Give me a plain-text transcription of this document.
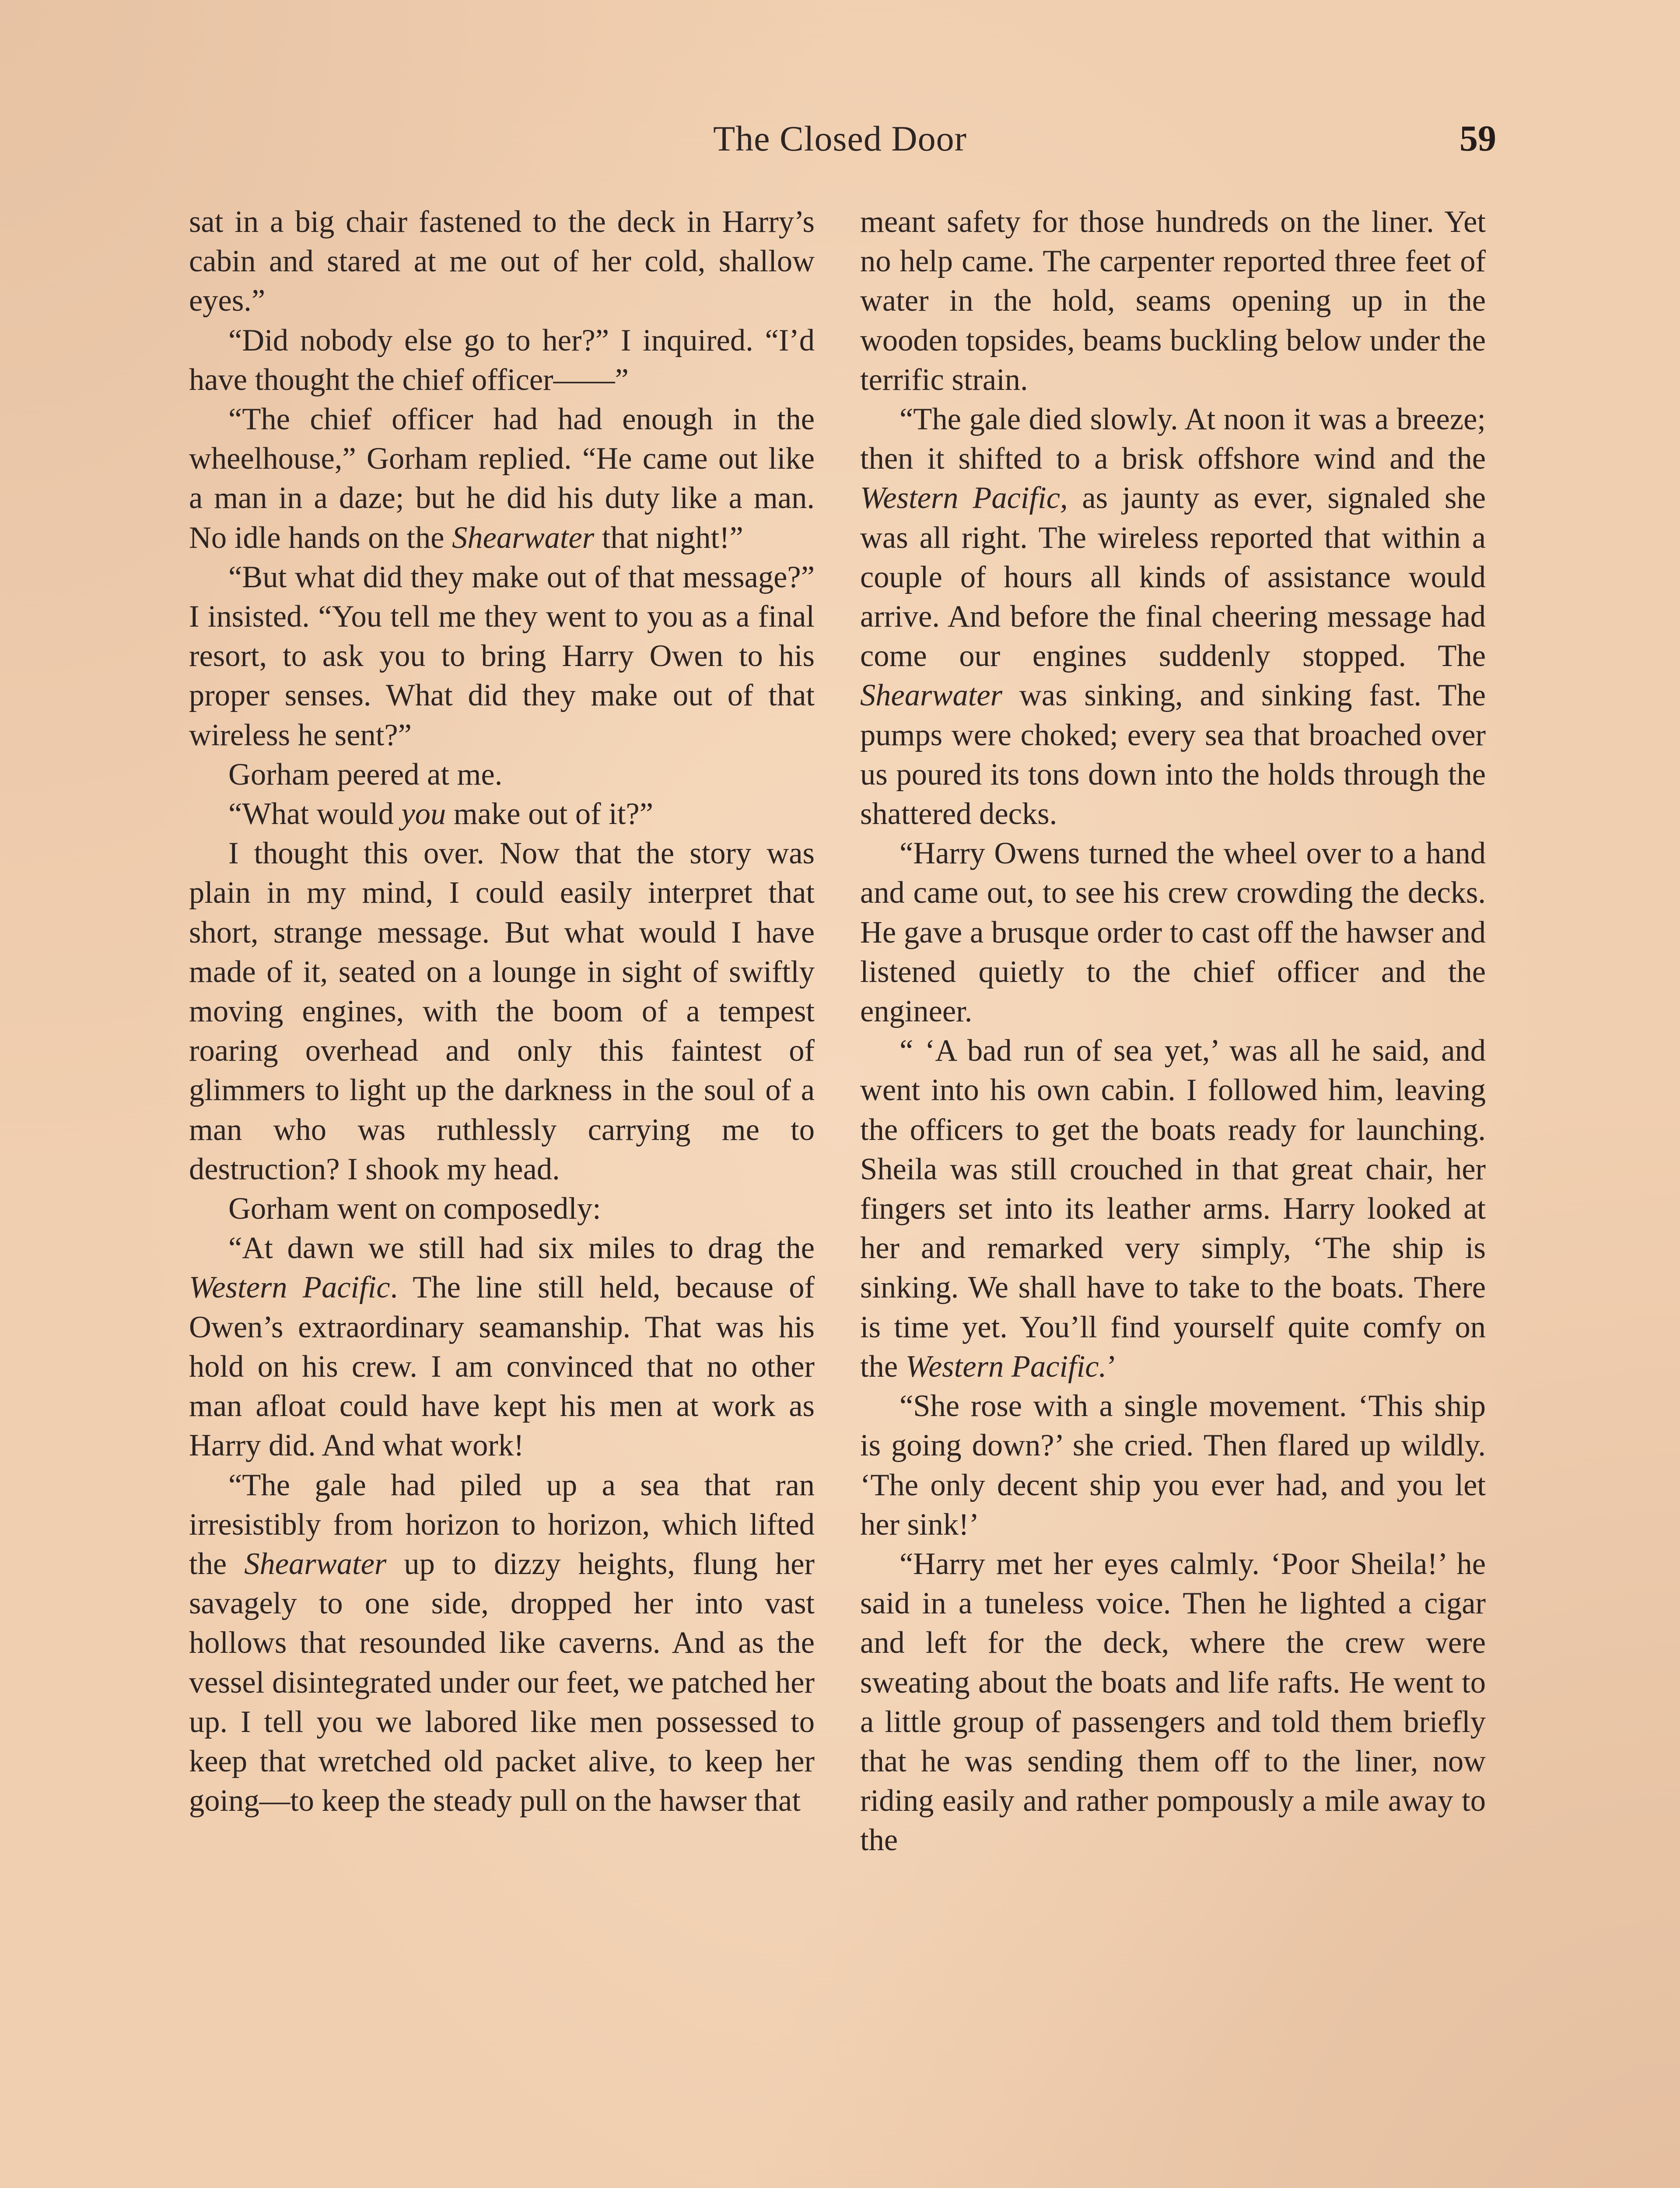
The Closed Door	59

sat in a big chair fastened to the deck in Harry’s cabin and stared at me out of her cold, shallow eyes.”

“Did nobody else go to her?” I inquired. “I’d have thought the chief officer——”

“The chief officer had had enough in the wheelhouse,” Gorham replied. “He came out like a man in a daze; but he did his duty like a man. No idle hands on the Shearwater that night!”

“But what did they make out of that message?” I insisted. “You tell me they went to you as a final resort, to ask you to bring Harry Owen to his proper senses. What did they make out of that wireless he sent?”

Gorham peered at me.

“What would you make out of it?”

I thought this over. Now that the story was plain in my mind, I could easily interpret that short, strange message. But what would I have made of it, seated on a lounge in sight of swiftly moving engines, with the boom of a tempest roaring overhead and only this faintest of glimmers to light up the darkness in the soul of a man who was ruthlessly carrying me to destruction? I shook my head.

Gorham went on composedly:

“At dawn we still had six miles to drag the Western Pacific. The line still held, because of Owen’s extraordinary seamanship. That was his hold on his crew. I am convinced that no other man afloat could have kept his men at work as Harry did. And what work!

“The gale had piled up a sea that ran irresistibly from horizon to horizon, which lifted the Shearwater up to dizzy heights, flung her savagely to one side, dropped her into vast hollows that resounded like caverns. And as the vessel disintegrated under our feet, we patched her up. I tell you we labored like men possessed to keep that wretched old packet alive, to keep her going—to keep the steady pull on the hawser that

meant safety for those hundreds on the liner. Yet no help came. The carpenter reported three feet of water in the hold, seams opening up in the wooden topsides, beams buckling below under the terrific strain.

“The gale died slowly. At noon it was a breeze; then it shifted to a brisk offshore wind and the Western Pacific, as jaunty as ever, signaled she was all right. The wireless reported that within a couple of hours all kinds of assistance would arrive. And before the final cheering message had come our engines suddenly stopped. The Shearwater was sinking, and sinking fast. The pumps were choked; every sea that broached over us poured its tons down into the holds through the shattered decks.

“Harry Owens turned the wheel over to a hand and came out, to see his crew crowding the decks. He gave a brusque order to cast off the hawser and listened quietly to the chief officer and the engineer.

“ ‘A bad run of sea yet,’ was all he said, and went into his own cabin. I followed him, leaving the officers to get the boats ready for launching. Sheila was still crouched in that great chair, her fingers set into its leather arms. Harry looked at her and remarked very simply, ‘The ship is sinking. We shall have to take to the boats. There is time yet. You’ll find yourself quite comfy on the Western Pacific.’

“She rose with a single movement. ‘This ship is going down?’ she cried. Then flared up wildly. ‘The only decent ship you ever had, and you let her sink!’

“Harry met her eyes calmly. ‘Poor Sheila!’ he said in a tuneless voice. Then he lighted a cigar and left for the deck, where the crew were sweating about the boats and life rafts. He went to a little group of passengers and told them briefly that he was sending them off to the liner, now riding easily and rather pompously a mile away to the
